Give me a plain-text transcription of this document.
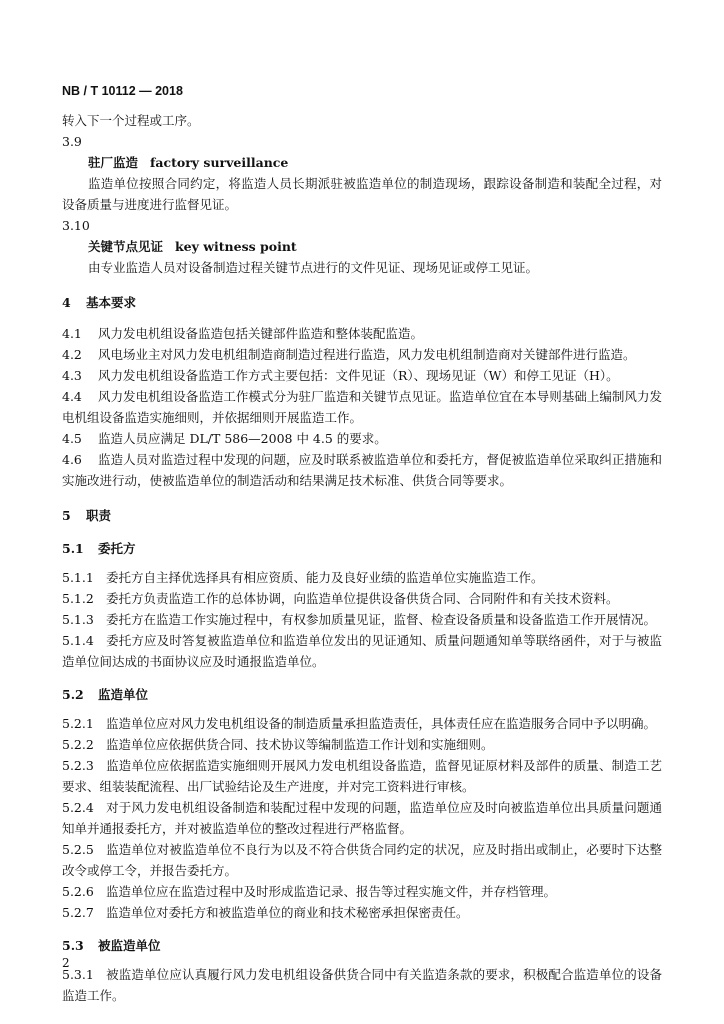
NB / T 10112 — 2018
转入下一个过程或工序。
3.9
驻厂监造 factory surveillance
监造单位按照合同约定，将监造人员长期派驻被监造单位的制造现场，跟踪设备制造和装配全过程，对设备质量与进度进行监督见证。
3.10
关键节点见证 key witness point
由专业监造人员对设备制造过程关键节点进行的文件见证、现场见证或停工见证。
4 基本要求
4.1 风力发电机组设备监造包括关键部件监造和整体装配监造。
4.2 风电场业主对风力发电机组制造商制造过程进行监造，风力发电机组制造商对关键部件进行监造。
4.3 风力发电机组设备监造工作方式主要包括：文件见证（R）、现场见证（W）和停工见证（H）。
4.4 风力发电机组设备监造工作模式分为驻厂监造和关键节点见证。监造单位宜在本导则基础上编制风力发电机组设备监造实施细则，并依据细则开展监造工作。
4.5 监造人员应满足 DL/T 586—2008 中 4.5 的要求。
4.6 监造人员对监造过程中发现的问题，应及时联系被监造单位和委托方，督促被监造单位采取纠正措施和实施改进行动，使被监造单位的制造活动和结果满足技术标准、供货合同等要求。
5 职责
5.1 委托方
5.1.1 委托方自主择优选择具有相应资质、能力及良好业绩的监造单位实施监造工作。
5.1.2 委托方负责监造工作的总体协调，向监造单位提供设备供货合同、合同附件和有关技术资料。
5.1.3 委托方在监造工作实施过程中，有权参加质量见证，监督、检查设备质量和设备监造工作开展情况。
5.1.4 委托方应及时答复被监造单位和监造单位发出的见证通知、质量问题通知单等联络函件，对于与被监造单位间达成的书面协议应及时通报监造单位。
5.2 监造单位
5.2.1 监造单位应对风力发电机组设备的制造质量承担监造责任，具体责任应在监造服务合同中予以明确。
5.2.2 监造单位应依据供货合同、技术协议等编制监造工作计划和实施细则。
5.2.3 监造单位应依据监造实施细则开展风力发电机组设备监造，监督见证原材料及部件的质量、制造工艺要求、组装装配流程、出厂试验结论及生产进度，并对完工资料进行审核。
5.2.4 对于风力发电机组设备制造和装配过程中发现的问题，监造单位应及时向被监造单位出具质量问题通知单并通报委托方，并对被监造单位的整改过程进行严格监督。
5.2.5 监造单位对被监造单位不良行为以及不符合供货合同约定的状况，应及时指出或制止，必要时下达整改令或停工令，并报告委托方。
5.2.6 监造单位应在监造过程中及时形成监造记录、报告等过程实施文件，并存档管理。
5.2.7 监造单位对委托方和被监造单位的商业和技术秘密承担保密责任。
5.3 被监造单位
5.3.1 被监造单位应认真履行风力发电机组设备供货合同中有关监造条款的要求，积极配合监造单位的设备监造工作。
2
